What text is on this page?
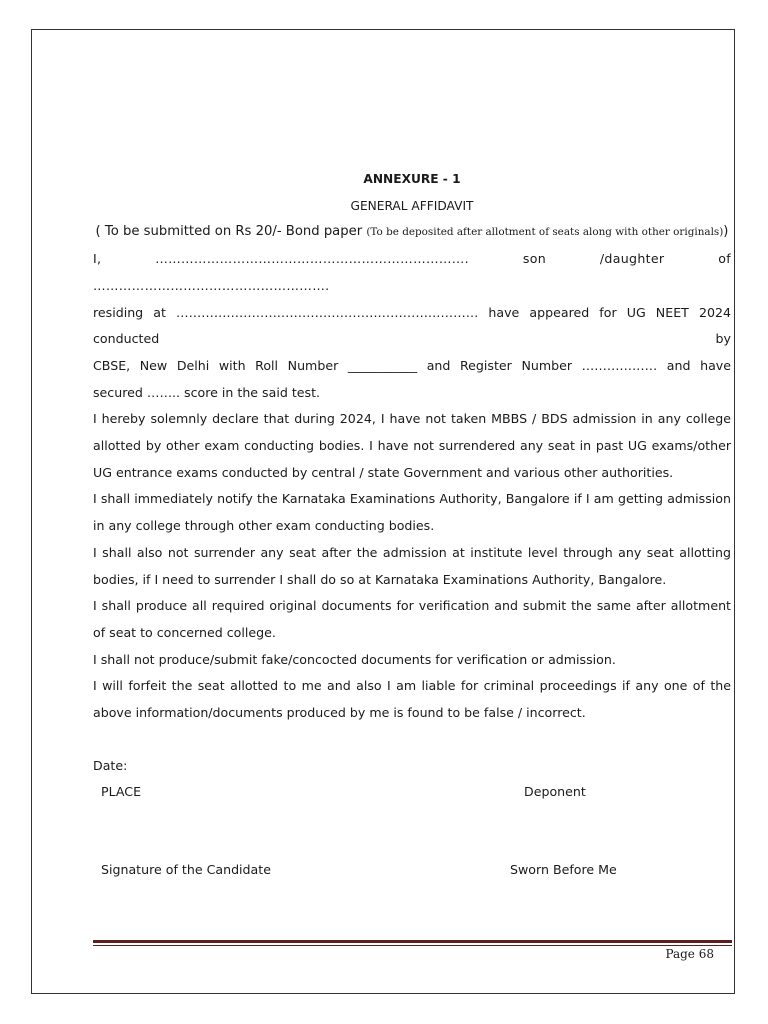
ANNEXURE - 1
GENERAL AFFIDAVIT
( To be submitted on Rs 20/- Bond paper (To be deposited after allotment of seats along with other originals))

I, ………………………………………………………………. son /daughter of ……………………………………………….

residing at ……………………………………………………………… have appeared for UG NEET 2024 conducted by

CBSE, New Delhi with Roll Number ___________ and Register Number ……………… and have

secured …….. score in the said test.

I hereby solemnly declare that during 2024, I have not taken MBBS / BDS admission in any college

allotted by other exam conducting bodies. I have not surrendered any seat in past UG exams/other

UG entrance exams conducted by central / state Government and various other authorities.

I shall immediately notify the Karnataka Examinations Authority, Bangalore if I am getting admission

in any college through other exam conducting bodies.

I shall also not surrender any seat after the admission at institute level through any seat allotting

bodies, if I need to surrender I shall do so at Karnataka Examinations Authority, Bangalore.

I shall produce all required original documents for verification and submit the same after allotment

of seat to concerned college.

I shall not produce/submit fake/concocted documents for verification or admission.

I will forfeit the seat allotted to me and also I am liable for criminal proceedings if any one of the

above information/documents produced by me is found to be false / incorrect.

Date:
PLACE	Deponent
Signature of the Candidate	Sworn Before Me
Page 68
